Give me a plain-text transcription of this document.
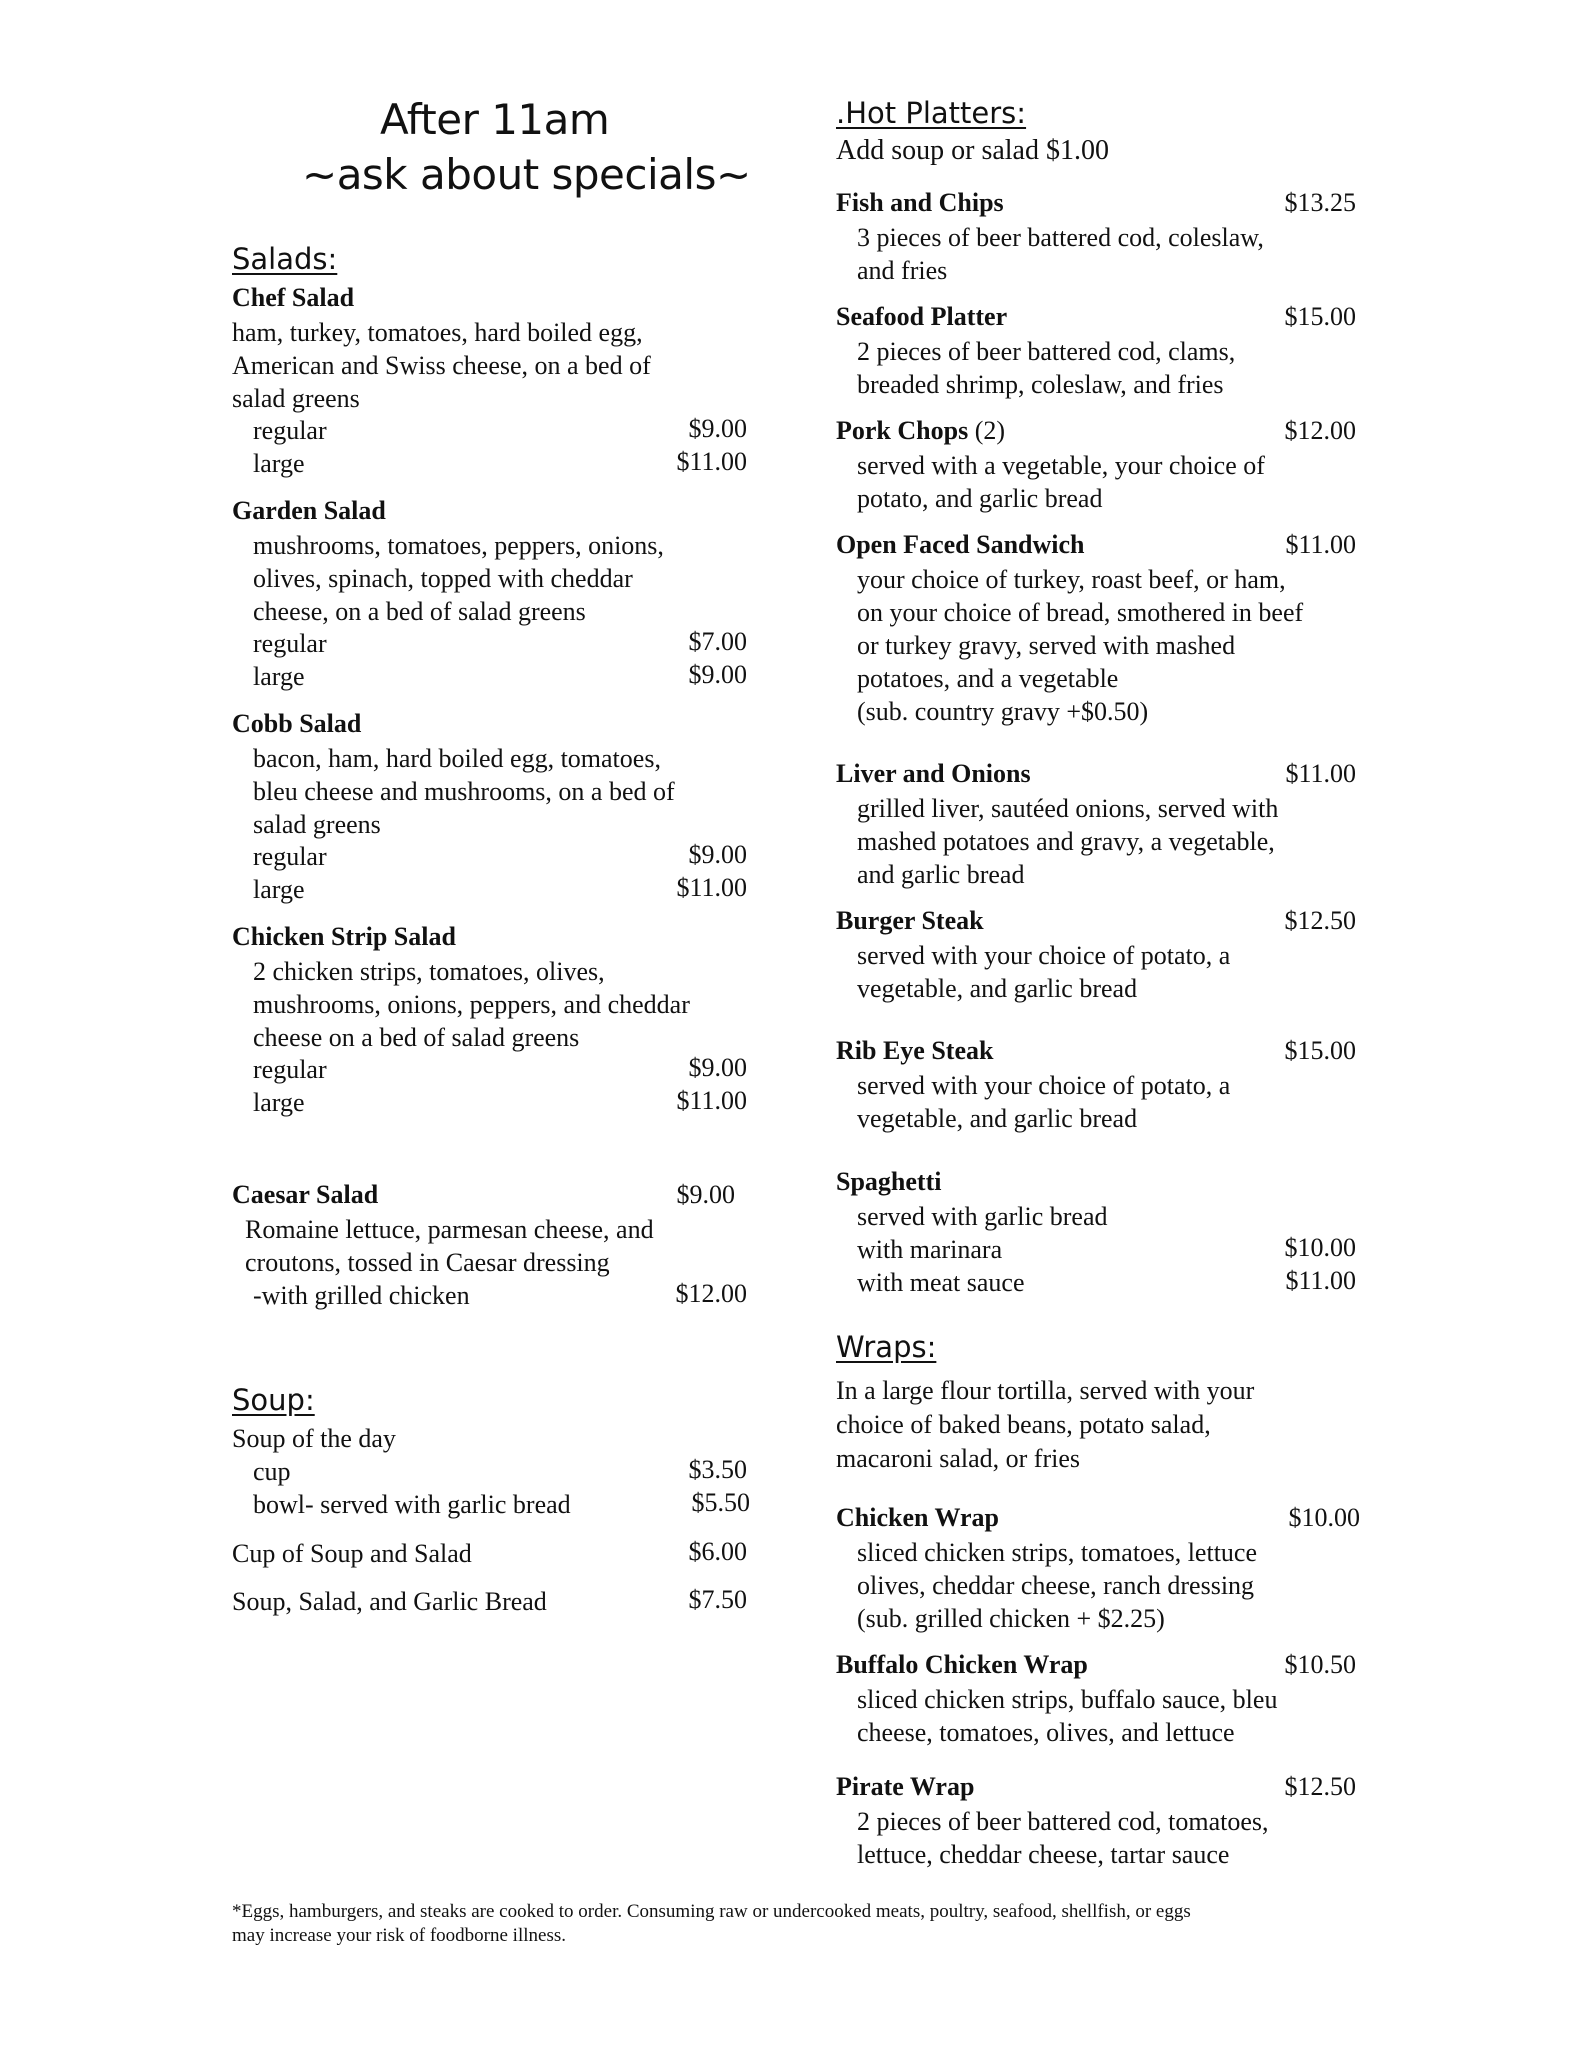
After 11am
~ask about specials~
Salads:
Chef Salad
ham, turkey, tomatoes, hard boiled egg,
American and Swiss cheese, on a bed of
salad greens
regular	$9.00
large	$11.00
Garden Salad
mushrooms, tomatoes, peppers, onions,
olives, spinach, topped with cheddar
cheese, on a bed of salad greens
regular	$7.00
large	$9.00
Cobb Salad
bacon, ham, hard boiled egg, tomatoes,
bleu cheese and mushrooms, on a bed of
salad greens
regular	$9.00
large	$11.00
Chicken Strip Salad
2 chicken strips, tomatoes, olives,
mushrooms, onions, peppers, and cheddar
cheese on a bed of salad greens
regular	$9.00
large	$11.00
Caesar Salad	$9.00
Romaine lettuce, parmesan cheese, and
croutons, tossed in Caesar dressing
-with grilled chicken	$12.00
Soup:
Soup of the day
cup	$3.50
bowl- served with garlic bread	$5.50
Cup of Soup and Salad	$6.00
Soup, Salad, and Garlic Bread	$7.50
.Hot Platters:
Add soup or salad $1.00
Fish and Chips	$13.25
3 pieces of beer battered cod, coleslaw,
and fries
Seafood Platter	$15.00
2 pieces of beer battered cod, clams,
breaded shrimp, coleslaw, and fries
Pork Chops (2)	$12.00
served with a vegetable, your choice of
potato, and garlic bread
Open Faced Sandwich	$11.00
your choice of turkey, roast beef, or ham,
on your choice of bread, smothered in beef
or turkey gravy, served with mashed
potatoes, and a vegetable
(sub. country gravy +$0.50)
Liver and Onions	$11.00
grilled liver, sautéed onions, served with
mashed potatoes and gravy, a vegetable,
and garlic bread
Burger Steak	$12.50
served with your choice of potato, a
vegetable, and garlic bread
Rib Eye Steak	$15.00
served with your choice of potato, a
vegetable, and garlic bread
Spaghetti
served with garlic bread
with marinara	$10.00
with meat sauce	$11.00
Wraps:
In a large flour tortilla, served with your
choice of baked beans, potato salad,
macaroni salad, or fries
Chicken Wrap	$10.00
sliced chicken strips, tomatoes, lettuce
olives, cheddar cheese, ranch dressing
(sub. grilled chicken + $2.25)
Buffalo Chicken Wrap	$10.50
sliced chicken strips, buffalo sauce, bleu
cheese, tomatoes, olives, and lettuce
Pirate Wrap	$12.50
2 pieces of beer battered cod, tomatoes,
lettuce, cheddar cheese, tartar sauce
*Eggs, hamburgers, and steaks are cooked to order. Consuming raw or undercooked meats, poultry, seafood, shellfish, or eggs
may increase your risk of foodborne illness.
